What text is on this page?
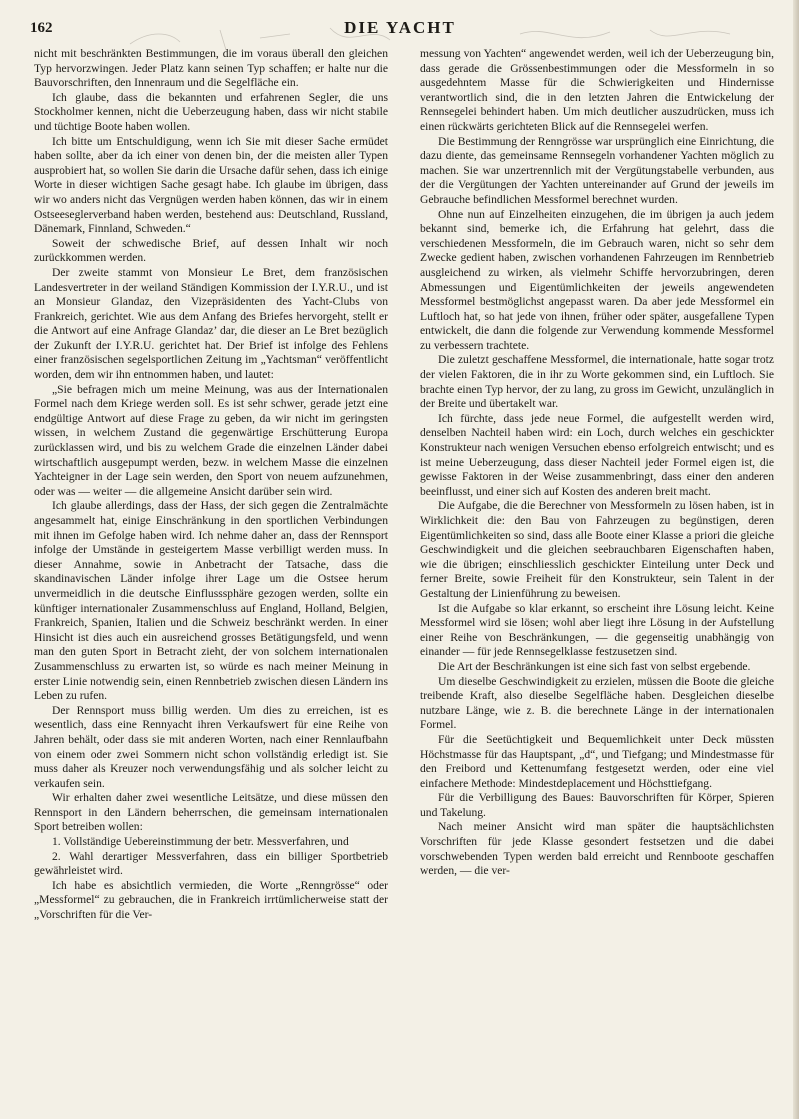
162	DIE YACHT

nicht mit beschränkten Bestimmungen, die im voraus überall den gleichen Typ hervorzwingen. Jeder Platz kann seinen Typ schaffen; er halte nur die Bauvorschriften, den Innenraum und die Segelfläche ein.

Ich glaube, dass die bekannten und erfahrenen Segler, die uns Stockholmer kennen, nicht die Ueberzeugung haben, dass wir nicht stabile und tüchtige Boote haben wollen.

Ich bitte um Entschuldigung, wenn ich Sie mit dieser Sache ermüdet haben sollte, aber da ich einer von denen bin, der die meisten aller Typen ausprobiert hat, so wollen Sie darin die Ursache dafür sehen, dass ich einige Worte in dieser wichtigen Sache gesagt habe. Ich glaube im übrigen, dass wir wo anders nicht das Vergnügen werden haben können, das wir in einem Ostseeseglerverband haben werden, bestehend aus: Deutschland, Russland, Dänemark, Finnland, Schweden.“

Soweit der schwedische Brief, auf dessen Inhalt wir noch zurückkommen werden.

Der zweite stammt von Monsieur Le Bret, dem französischen Landesvertreter in der weiland Ständigen Kommission der I.Y.R.U., und ist an Monsieur Glandaz, den Vizepräsidenten des Yacht-Clubs von Frankreich, gerichtet. Wie aus dem Anfang des Briefes hervorgeht, stellt er die Antwort auf eine Anfrage Glandaz’ dar, die dieser an Le Bret bezüglich der Zukunft der I.Y.R.U. gerichtet hat. Der Brief ist infolge des Fehlens einer französischen segelsportlichen Zeitung im „Yachtsman“ veröffentlicht worden, dem wir ihn entnommen haben, und lautet:

„Sie befragen mich um meine Meinung, was aus der Internationalen Formel nach dem Kriege werden soll. Es ist sehr schwer, gerade jetzt eine endgültige Antwort auf diese Frage zu geben, da wir nicht im geringsten wissen, in welchem Zustand die gegenwärtige Erschütterung Europa zurücklassen wird, und bis zu welchem Grade die einzelnen Länder dabei wirtschaftlich ausgepumpt werden, bezw. in welchem Masse die einzelnen Yachteigner in der Lage sein werden, den Sport von neuem aufzunehmen, oder was — weiter — die allgemeine Ansicht darüber sein wird.

Ich glaube allerdings, dass der Hass, der sich gegen die Zentralmächte angesammelt hat, einige Einschränkung in den sportlichen Verbindungen mit ihnen im Gefolge haben wird. Ich nehme daher an, dass der Rennsport infolge der Umstände in gesteigertem Masse verbilligt werden muss. In dieser Annahme, sowie in Anbetracht der Tatsache, dass die skandinavischen Länder infolge ihrer Lage um die Ostsee herum unvermeidlich in die deutsche Einflusssphäre gezogen werden, sollte ein künftiger internationaler Zusammenschluss auf England, Holland, Belgien, Frankreich, Spanien, Italien und die Schweiz beschränkt werden. In einer Hinsicht ist dies auch ein ausreichend grosses Betätigungsfeld, und wenn man den guten Sport in Betracht zieht, der von solchem internationalen Zusammenschluss zu erwarten ist, so würde es nach meiner Meinung in erster Linie notwendig sein, einen Rennbetrieb zwischen diesen Ländern ins Leben zu rufen.

Der Rennsport muss billig werden. Um dies zu erreichen, ist es wesentlich, dass eine Rennyacht ihren Verkaufswert für eine Reihe von Jahren behält, oder dass sie mit anderen Worten, nach einer Rennlaufbahn von einem oder zwei Sommern nicht schon vollständig erledigt ist. Sie muss daher als Kreuzer noch verwendungsfähig und als solcher leicht zu verkaufen sein.

Wir erhalten daher zwei wesentliche Leitsätze, und diese müssen den Rennsport in den Ländern beherrschen, die gemeinsam internationalen Sport betreiben wollen:

1. Vollständige Uebereinstimmung der betr. Messverfahren, und

2. Wahl derartiger Messverfahren, dass ein billiger Sportbetrieb gewährleistet wird.

Ich habe es absichtlich vermieden, die Worte „Renngrösse“ oder „Messformel“ zu gebrauchen, die in Frankreich irrtümlicherweise statt der „Vorschriften für die Ver-

messung von Yachten“ angewendet werden, weil ich der Ueberzeugung bin, dass gerade die Grössenbestimmungen oder die Messformeln in so ausgedehntem Masse für die Schwierigkeiten und Hindernisse verantwortlich sind, die in den letzten Jahren die Entwickelung der Rennsegelei behindert haben. Um mich deutlicher auszudrücken, muss ich einen rückwärts gerichteten Blick auf die Rennsegelei werfen.

Die Bestimmung der Renngrösse war ursprünglich eine Einrichtung, die dazu diente, das gemeinsame Rennsegeln vorhandener Yachten möglich zu machen. Sie war unzertrennlich mit der Vergütungstabelle verbunden, aus der die Vergütungen der Yachten untereinander auf Grund der jeweils im Gebrauche befindlichen Messformel berechnet wurden.

Ohne nun auf Einzelheiten einzugehen, die im übrigen ja auch jedem bekannt sind, bemerke ich, die Erfahrung hat gelehrt, dass die verschiedenen Messformeln, die im Gebrauch waren, nicht so sehr dem Zwecke gedient haben, zwischen vorhandenen Fahrzeugen im Rennbetrieb ausgleichend zu wirken, als vielmehr Schiffe hervorzubringen, deren Abmessungen und Eigentümlichkeiten der jeweils angewendeten Messformel bestmöglichst angepasst waren. Da aber jede Messformel ein Luftloch hat, so hat jede von ihnen, früher oder später, ausgefallene Typen entwickelt, die dann die folgende zur Verwendung kommende Messformel zu verbessern trachtete.

Die zuletzt geschaffene Messformel, die internationale, hatte sogar trotz der vielen Faktoren, die in ihr zu Worte gekommen sind, ein Luftloch. Sie brachte einen Typ hervor, der zu lang, zu gross im Gewicht, unzulänglich in der Breite und übertakelt war.

Ich fürchte, dass jede neue Formel, die aufgestellt werden wird, denselben Nachteil haben wird: ein Loch, durch welches ein geschickter Konstrukteur nach wenigen Versuchen ebenso erfolgreich entwischt; und es ist meine Ueberzeugung, dass dieser Nachteil jeder Formel eigen ist, die gewisse Faktoren in der Weise zusammenbringt, dass einer den anderen beeinflusst, und einer sich auf Kosten des anderen breit macht.

Die Aufgabe, die die Berechner von Messformeln zu lösen haben, ist in Wirklichkeit die: den Bau von Fahrzeugen zu begünstigen, deren Eigentümlichkeiten so sind, dass alle Boote einer Klasse a priori die gleiche Geschwindigkeit und die gleichen seebrauchbaren Eigenschaften haben, wie die übrigen; einschliesslich geschickter Einteilung unter Deck und ferner Breite, sowie Freiheit für den Konstrukteur, sein Talent in der Gestaltung der Linienführung zu beweisen.

Ist die Aufgabe so klar erkannt, so erscheint ihre Lösung leicht. Keine Messformel wird sie lösen; wohl aber liegt ihre Lösung in der Aufstellung einer Reihe von Beschränkungen, — die gegenseitig unabhängig von einander — für jede Rennsegelklasse festzusetzen sind.

Die Art der Beschränkungen ist eine sich fast von selbst ergebende.

Um dieselbe Geschwindigkeit zu erzielen, müssen die Boote die gleiche treibende Kraft, also dieselbe Segelfläche haben. Desgleichen dieselbe nutzbare Länge, wie z. B. die berechnete Länge in der internationalen Formel.

Für die Seetüchtigkeit und Bequemlichkeit unter Deck müssten Höchstmasse für das Hauptspant, „d“, und Tiefgang; und Mindestmasse für den Freibord und Kettenumfang festgesetzt werden, oder eine viel einfachere Methode: Mindestdeplacement und Höchsttiefgang.

Für die Verbilligung des Baues: Bauvorschriften für Körper, Spieren und Takelung.

Nach meiner Ansicht wird man später die hauptsächlichsten Vorschriften für jede Klasse gesondert festsetzen und die dabei vorschwebenden Typen werden bald erreicht und Rennboote geschaffen werden, — die ver-
